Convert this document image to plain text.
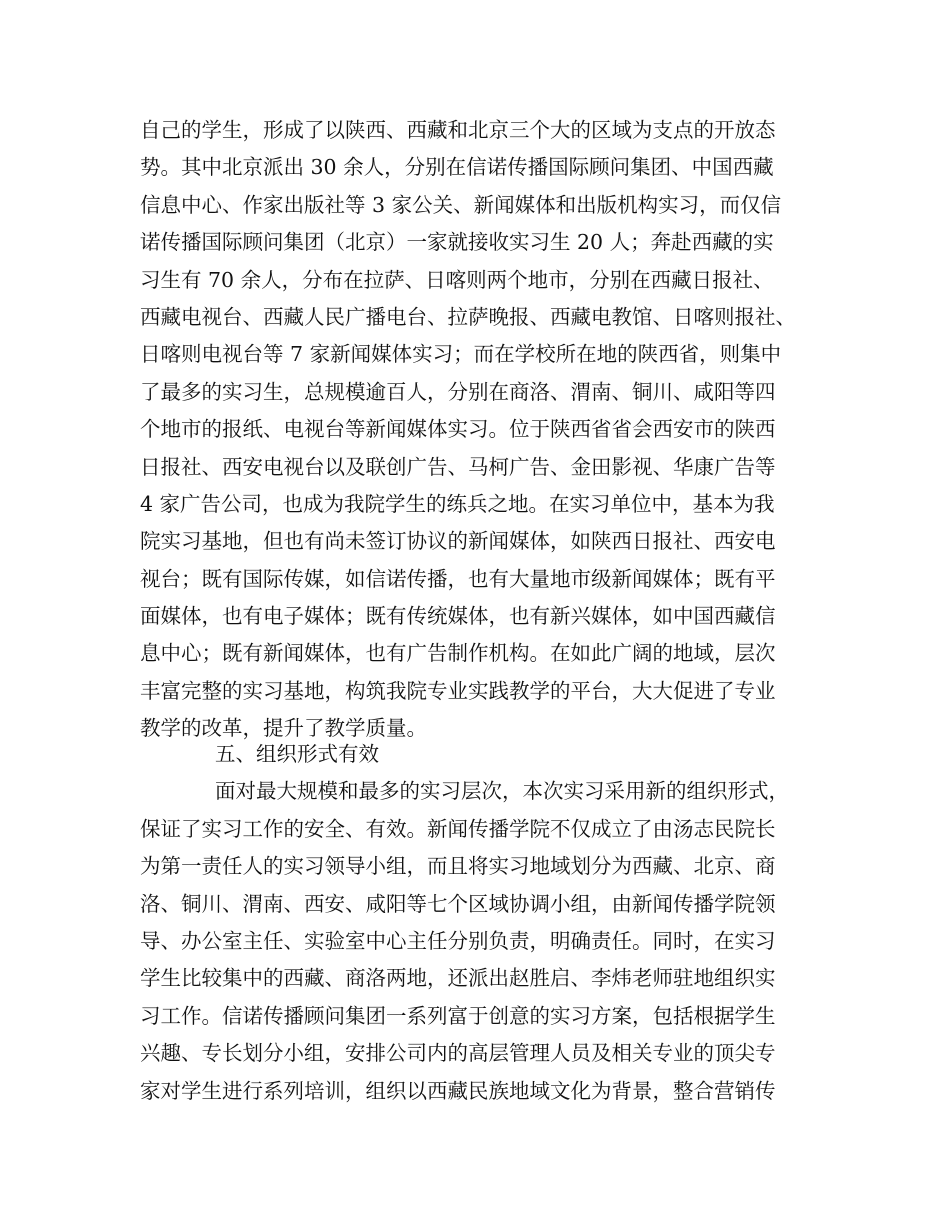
自己的学生，形成了以陕西、西藏和北京三个大的区域为支点的开放态
势。其中北京派出 30 余人，分别在信诺传播国际顾问集团、中国西藏
信息中心、作家出版社等 3 家公关、新闻媒体和出版机构实习，而仅信
诺传播国际顾问集团（北京）一家就接收实习生 20 人；奔赴西藏的实
习生有 70 余人，分布在拉萨、日喀则两个地市，分别在西藏日报社、
西藏电视台、西藏人民广播电台、拉萨晚报、西藏电教馆、日喀则报社、
日喀则电视台等 7 家新闻媒体实习；而在学校所在地的陕西省，则集中
了最多的实习生，总规模逾百人，分别在商洛、渭南、铜川、咸阳等四
个地市的报纸、电视台等新闻媒体实习。位于陕西省省会西安市的陕西
日报社、西安电视台以及联创广告、马柯广告、金田影视、华康广告等
4 家广告公司，也成为我院学生的练兵之地。在实习单位中，基本为我
院实习基地，但也有尚未签订协议的新闻媒体，如陕西日报社、西安电
视台；既有国际传媒，如信诺传播，也有大量地市级新闻媒体；既有平
面媒体，也有电子媒体；既有传统媒体，也有新兴媒体，如中国西藏信
息中心；既有新闻媒体，也有广告制作机构。在如此广阔的地域，层次
丰富完整的实习基地，构筑我院专业实践教学的平台，大大促进了专业
教学的改革，提升了教学质量。
五、组织形式有效
面对最大规模和最多的实习层次，本次实习采用新的组织形式，
保证了实习工作的安全、有效。新闻传播学院不仅成立了由汤志民院长
为第一责任人的实习领导小组，而且将实习地域划分为西藏、北京、商
洛、铜川、渭南、西安、咸阳等七个区域协调小组，由新闻传播学院领
导、办公室主任、实验室中心主任分别负责，明确责任。同时，在实习
学生比较集中的西藏、商洛两地，还派出赵胜启、李炜老师驻地组织实
习工作。信诺传播顾问集团一系列富于创意的实习方案，包括根据学生
兴趣、专长划分小组，安排公司内的高层管理人员及相关专业的顶尖专
家对学生进行系列培训，组织以西藏民族地域文化为背景，整合营销传
